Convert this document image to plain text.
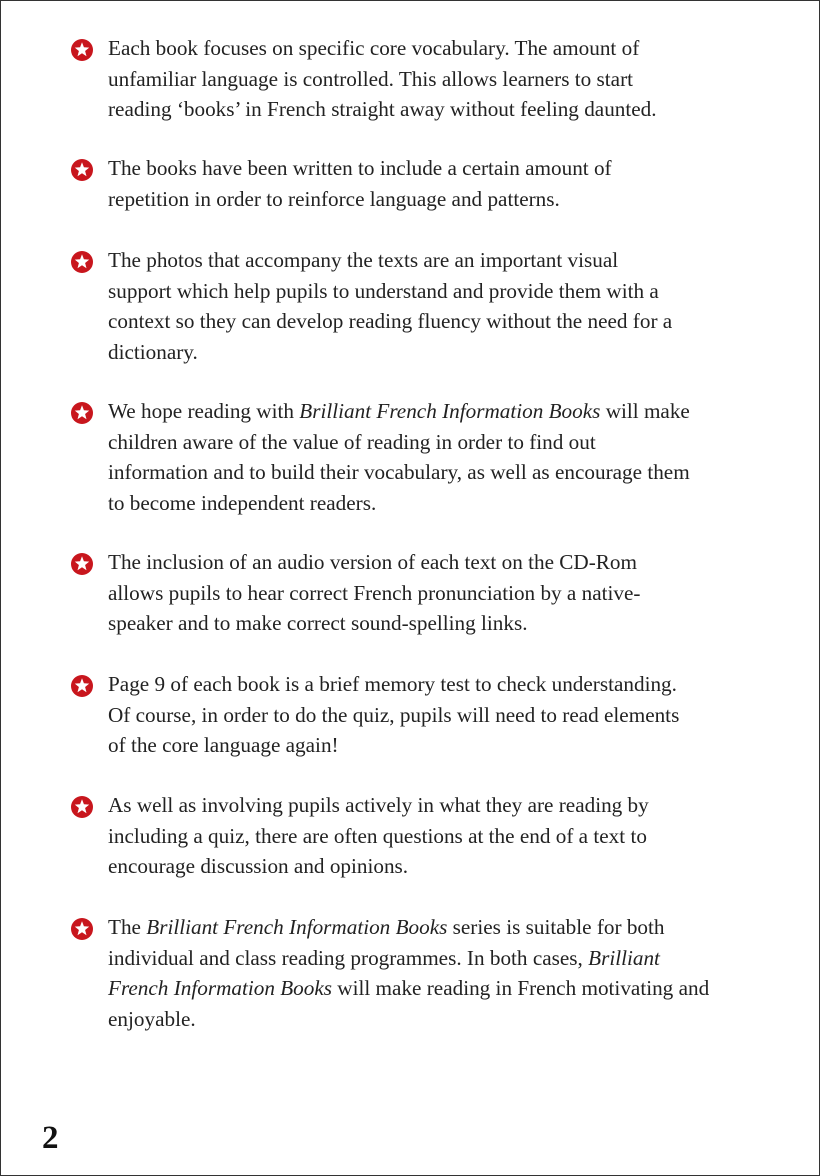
Each book focuses on specific core vocabulary. The amount of
unfamiliar language is controlled. This allows learners to start
reading ‘books’ in French straight away without feeling daunted.
The books have been written to include a certain amount of
repetition in order to reinforce language and patterns.
The photos that accompany the texts are an important visual
support which help pupils to understand and provide them with a
context so they can develop reading fluency without the need for a
dictionary.
We hope reading with Brilliant French Information Books will make
children aware of the value of reading in order to find out
information and to build their vocabulary, as well as encourage them
to become independent readers.
The inclusion of an audio version of each text on the CD-Rom
allows pupils to hear correct French pronunciation by a native-
speaker and to make correct sound-spelling links.
Page 9 of each book is a brief memory test to check understanding.
Of course, in order to do the quiz, pupils will need to read elements
of the core language again!
As well as involving pupils actively in what they are reading by
including a quiz, there are often questions at the end of a text to
encourage discussion and opinions.
The Brilliant French Information Books series is suitable for both
individual and class reading programmes. In both cases, Brilliant
French Information Books will make reading in French motivating and
enjoyable.
2
